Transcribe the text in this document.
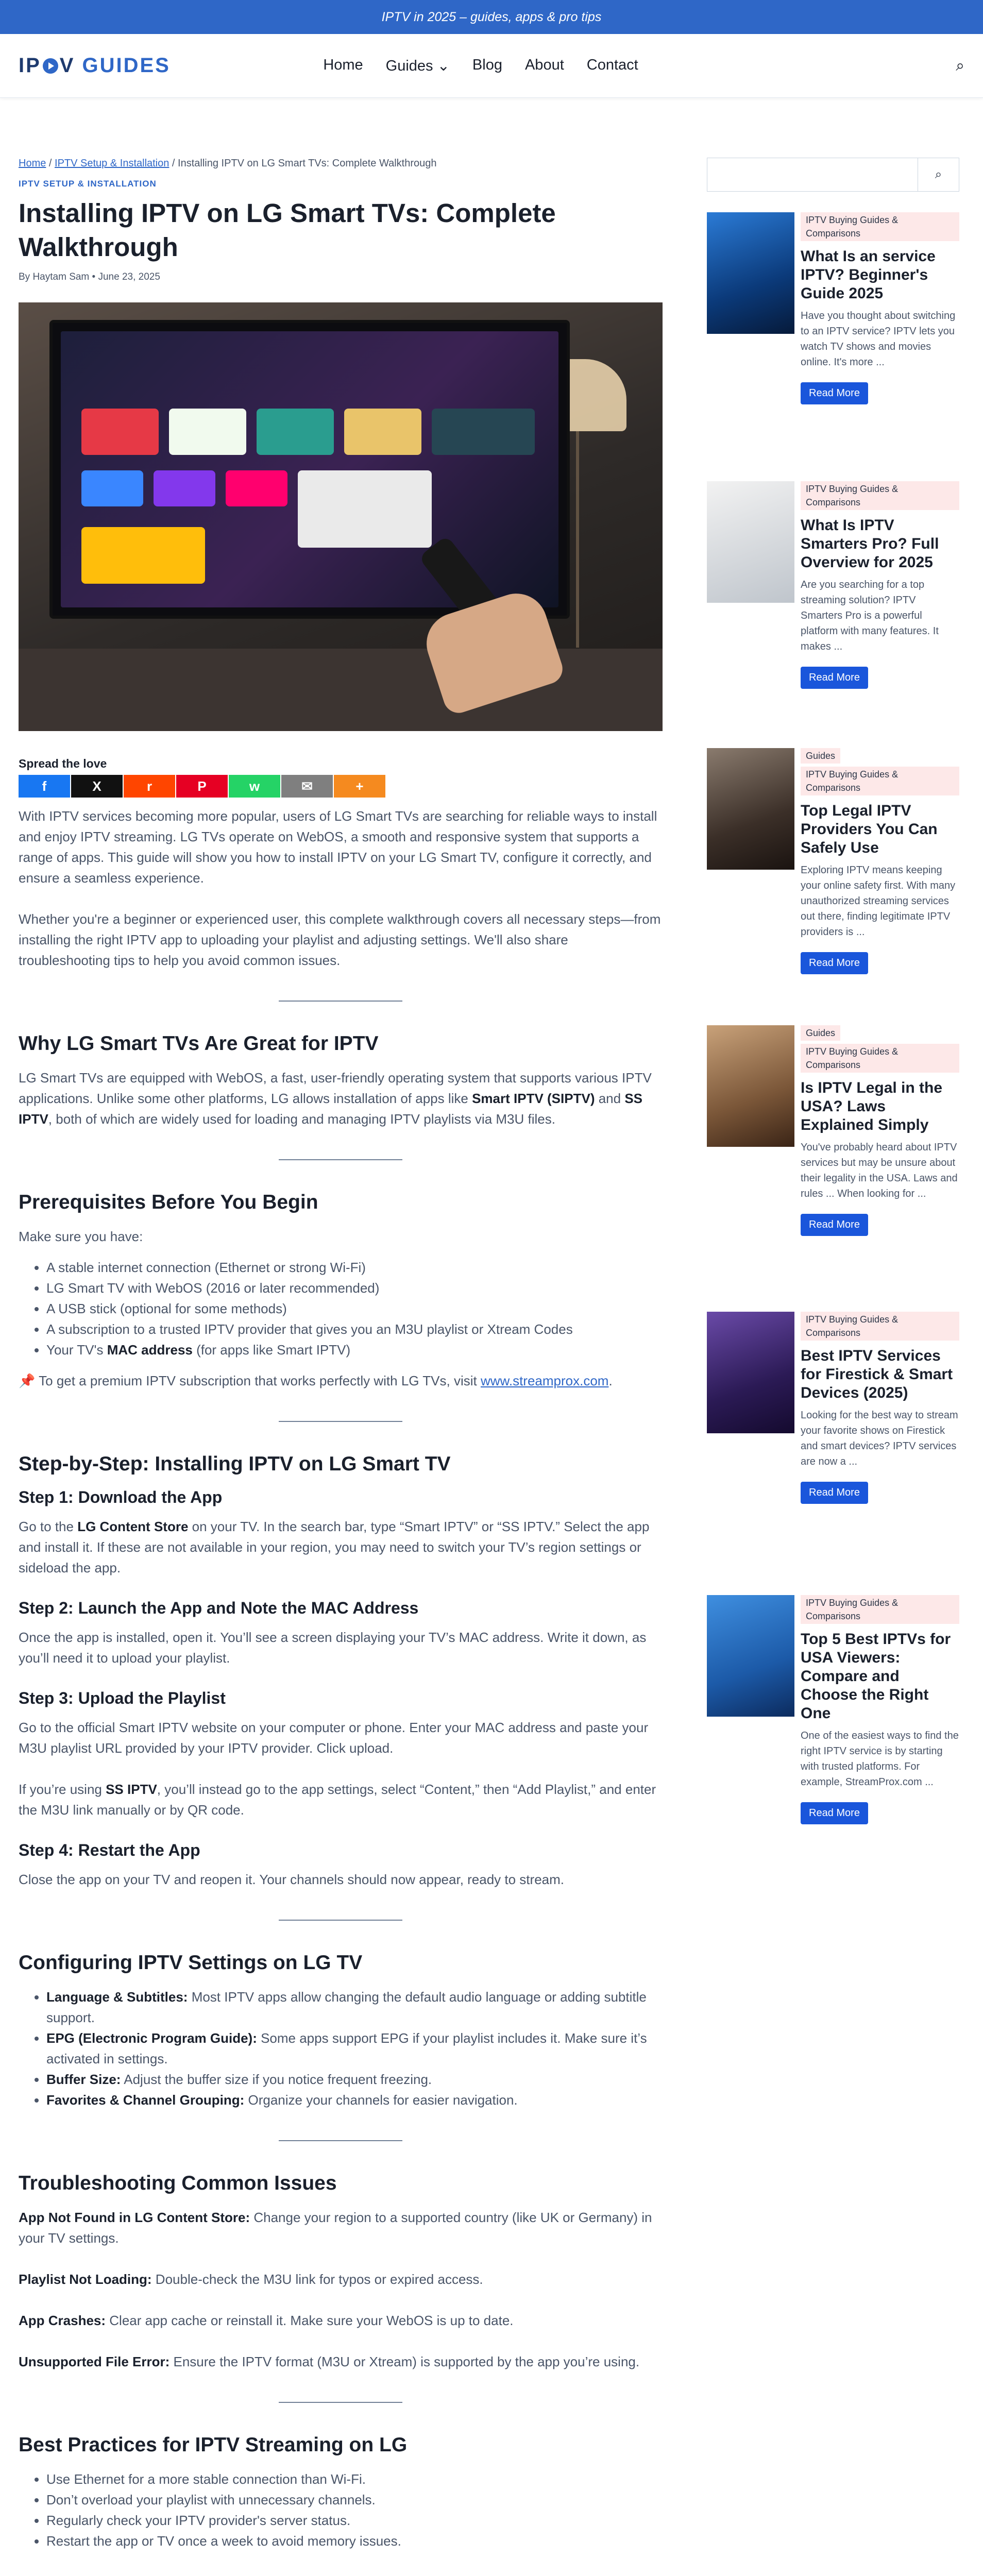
IPTV in 2025 – guides, apps & pro tips
IP V GUIDES	Home Guides ⌄ Blog About Contact	⌕
Home / IPTV Setup & Installation / Installing IPTV on LG Smart TVs: Complete Walkthrough
IPTV SETUP & INSTALLATION
Installing IPTV on LG Smart TVs: Complete Walkthrough
By Haytam Sam • June 23, 2025
Spread the love
f	X	r	P	w	✉	+

With IPTV services becoming more popular, users of LG Smart TVs are searching for reliable ways to install and enjoy IPTV streaming. LG TVs operate on WebOS, a smooth and responsive system that supports a range of apps. This guide will show you how to install IPTV on your LG Smart TV, configure it correctly, and ensure a seamless experience.

Whether you're a beginner or experienced user, this complete walkthrough covers all necessary steps—from installing the right IPTV app to uploading your playlist and adjusting settings. We'll also share troubleshooting tips to help you avoid common issues.

Why LG Smart TVs Are Great for IPTV

LG Smart TVs are equipped with WebOS, a fast, user-friendly operating system that supports various IPTV applications. Unlike some other platforms, LG allows installation of apps like Smart IPTV (SIPTV) and SS IPTV, both of which are widely used for loading and managing IPTV playlists via M3U files.

Prerequisites Before You Begin

Make sure you have:

• A stable internet connection (Ethernet or strong Wi-Fi)
• LG Smart TV with WebOS (2016 or later recommended)
• A USB stick (optional for some methods)
• A subscription to a trusted IPTV provider that gives you an M3U playlist or Xtream Codes
• Your TV's MAC address (for apps like Smart IPTV)

📌 To get a premium IPTV subscription that works perfectly with LG TVs, visit www.streamprox.com.

Step-by-Step: Installing IPTV on LG Smart TV
Step 1: Download the App

Go to the LG Content Store on your TV. In the search bar, type “Smart IPTV” or “SS IPTV.” Select the app and install it. If these are not available in your region, you may need to switch your TV’s region settings or sideload the app.

Step 2: Launch the App and Note the MAC Address

Once the app is installed, open it. You’ll see a screen displaying your TV’s MAC address. Write it down, as you’ll need it to upload your playlist.

Step 3: Upload the Playlist

Go to the official Smart IPTV website on your computer or phone. Enter your MAC address and paste your M3U playlist URL provided by your IPTV provider. Click upload.

If you’re using SS IPTV, you’ll instead go to the app settings, select “Content,” then “Add Playlist,” and enter the M3U link manually or by QR code.

Step 4: Restart the App

Close the app on your TV and reopen it. Your channels should now appear, ready to stream.

Configuring IPTV Settings on LG TV
• Language & Subtitles: Most IPTV apps allow changing the default audio language or adding subtitle support.
• EPG (Electronic Program Guide): Some apps support EPG if your playlist includes it. Make sure it’s activated in settings.
• Buffer Size: Adjust the buffer size if you notice frequent freezing.
• Favorites & Channel Grouping: Organize your channels for easier navigation.
Troubleshooting Common Issues

App Not Found in LG Content Store: Change your region to a supported country (like UK or Germany) in your TV settings.

Playlist Not Loading: Double-check the M3U link for typos or expired access.

App Crashes: Clear app cache or reinstall it. Make sure your WebOS is up to date.

Unsupported File Error: Ensure the IPTV format (M3U or Xtream) is supported by the app you’re using.

Best Practices for IPTV Streaming on LG
• Use Ethernet for a more stable connection than Wi-Fi.
• Don’t overload your playlist with unnecessary channels.
• Regularly check your IPTV provider's server status.
• Restart the app or TV once a week to avoid memory issues.

⌕
IPTV Buying Guides & Comparisons

What Is an service IPTV? Beginner's Guide 2025
Have you thought about switching to an IPTV service? IPTV lets you watch TV shows and movies online. It's more ...
Read More
IPTV Buying Guides & Comparisons

What Is IPTV Smarters Pro? Full Overview for 2025
Are you searching for a top streaming solution? IPTV Smarters Pro is a powerful platform with many features. It makes ...
Read More
Guides
IPTV Buying Guides & Comparisons

Top Legal IPTV Providers You Can Safely Use
Exploring IPTV means keeping your online safety first. With many unauthorized streaming services out there, finding legitimate IPTV providers is ...
Read More
Guides
IPTV Buying Guides & Comparisons

Is IPTV Legal in the USA? Laws Explained Simply
You've probably heard about IPTV services but may be unsure about their legality in the USA. Laws and rules ... When looking for ...
Read More
IPTV Buying Guides & Comparisons

Best IPTV Services for Firestick & Smart Devices (2025)
Looking for the best way to stream your favorite shows on Firestick and smart devices? IPTV services are now a ...
Read More
IPTV Buying Guides & Comparisons

Top 5 Best IPTVs for USA Viewers: Compare and Choose the Right One
One of the easiest ways to find the right IPTV service is by starting with trusted platforms. For example, StreamProx.com ...
Read More
